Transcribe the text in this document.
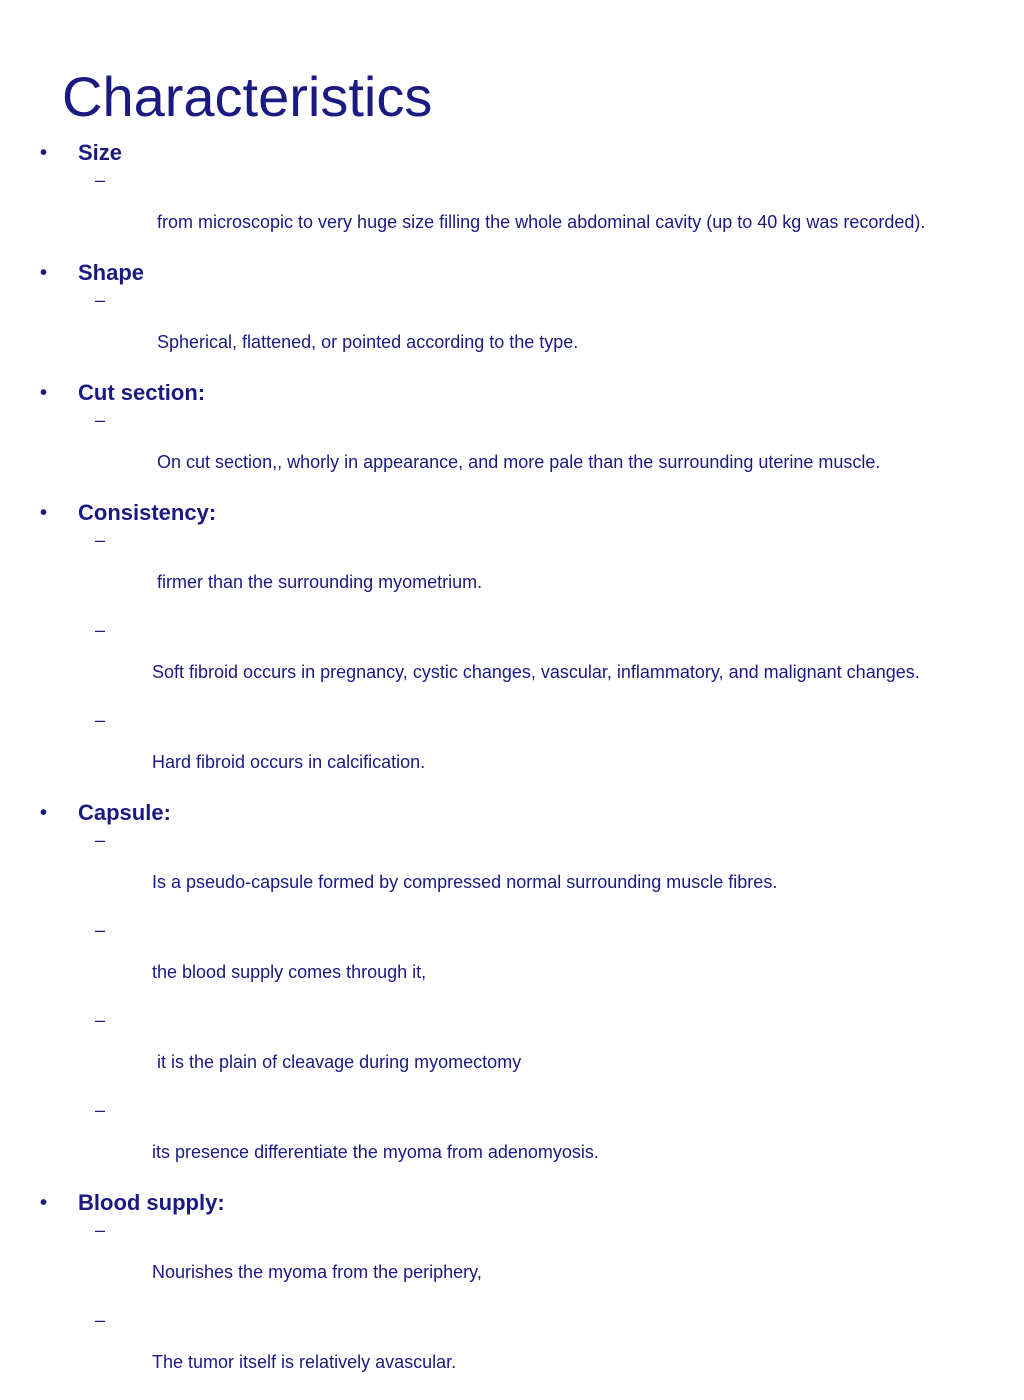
Characteristics
• Size

–

from microscopic to very huge size filling the whole abdominal cavity (up to 40 kg was recorded).

• Shape

–

Spherical, flattened, or pointed according to the type.

• Cut section:

–

On cut section,, whorly in appearance, and more pale than the surrounding uterine muscle.

• Consistency:

–

firmer than the surrounding myometrium.

–

Soft fibroid occurs in pregnancy, cystic changes, vascular, inflammatory, and malignant changes.

–

Hard fibroid occurs in calcification.

• Capsule:

–

Is a pseudo-capsule formed by compressed normal surrounding muscle fibres.

–

the blood supply comes through it,

–

it is the plain of cleavage during myomectomy

–

its presence differentiate the myoma from adenomyosis.

• Blood supply:

–

Nourishes the myoma from the periphery,

–

The tumor itself is relatively avascular.
